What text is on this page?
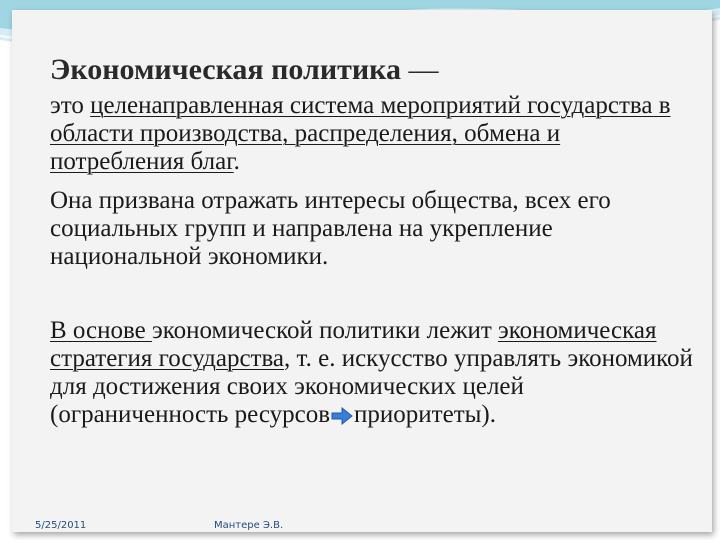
Экономическая политика —
это целенаправленная система мероприятий государства в области производства, распределения, обмена и потребления благ.
Она призвана отражать интересы общества, всех его социальных групп и направлена на укрепление национальной экономики.
В основе экономической политики лежит экономическая стратегия государства, т. е. искусство управлять экономикой для достижения своих экономических целей (ограниченность ресурсов приоритеты).
5/25/2011	Мантере Э.В.
